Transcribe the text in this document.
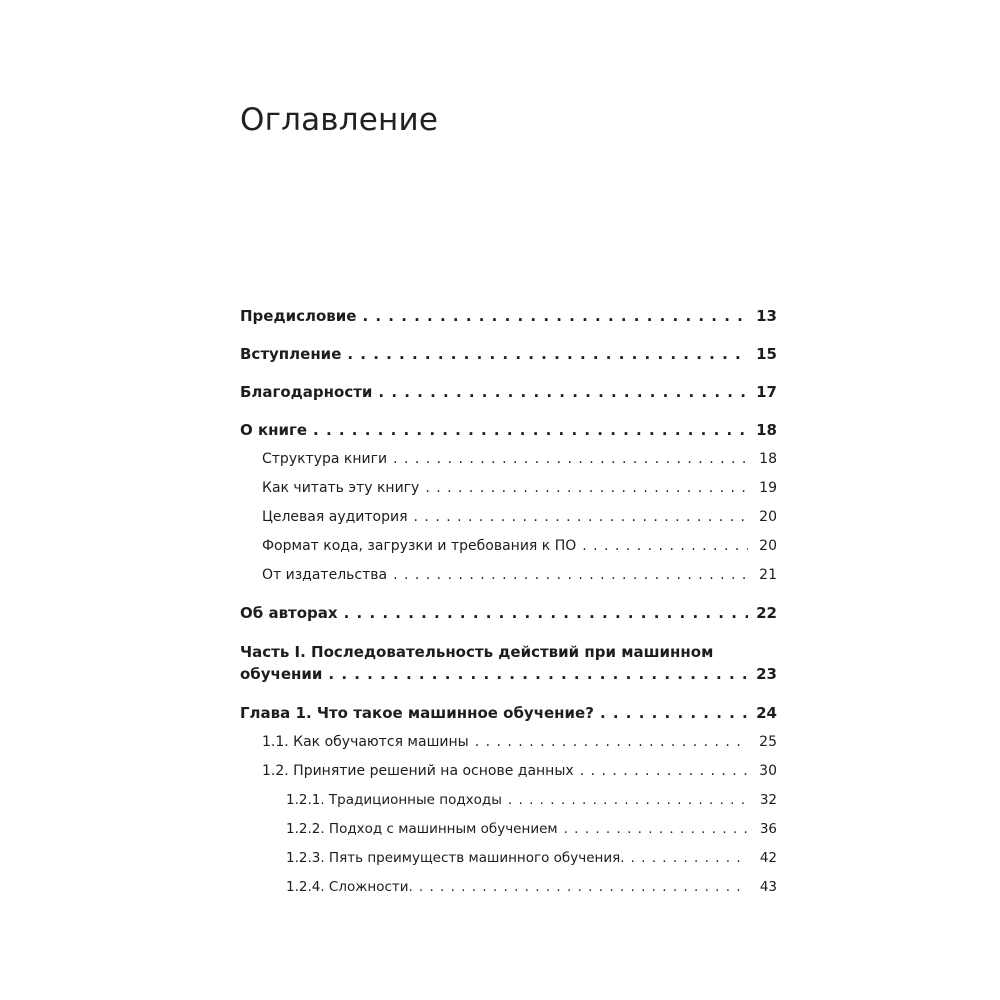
Оглавление
Предисловие . . .	13
Вступление . . .	15
Благодарности . . .	17
О книге . . .	18
Структура книги . . .	18
Как читать эту книгу . . .	19
Целевая аудитория . . .	20
Формат кода, загрузки и требования к ПО . . .	20
От издательства . . .	21
Об авторах . . .	22
Часть I. Последовательность действий при машинном
обучении . . .	23
Глава 1. Что такое машинное обучение? . . .	24
1.1. Как обучаются машины . . .	25
1.2. Принятие решений на основе данных . . .	30
1.2.1. Традиционные подходы . . .	32
1.2.2. Подход с машинным обучением . . .	36
1.2.3. Пять преимуществ машинного обучения. . . .	42
1.2.4. Сложности. . . .	43
